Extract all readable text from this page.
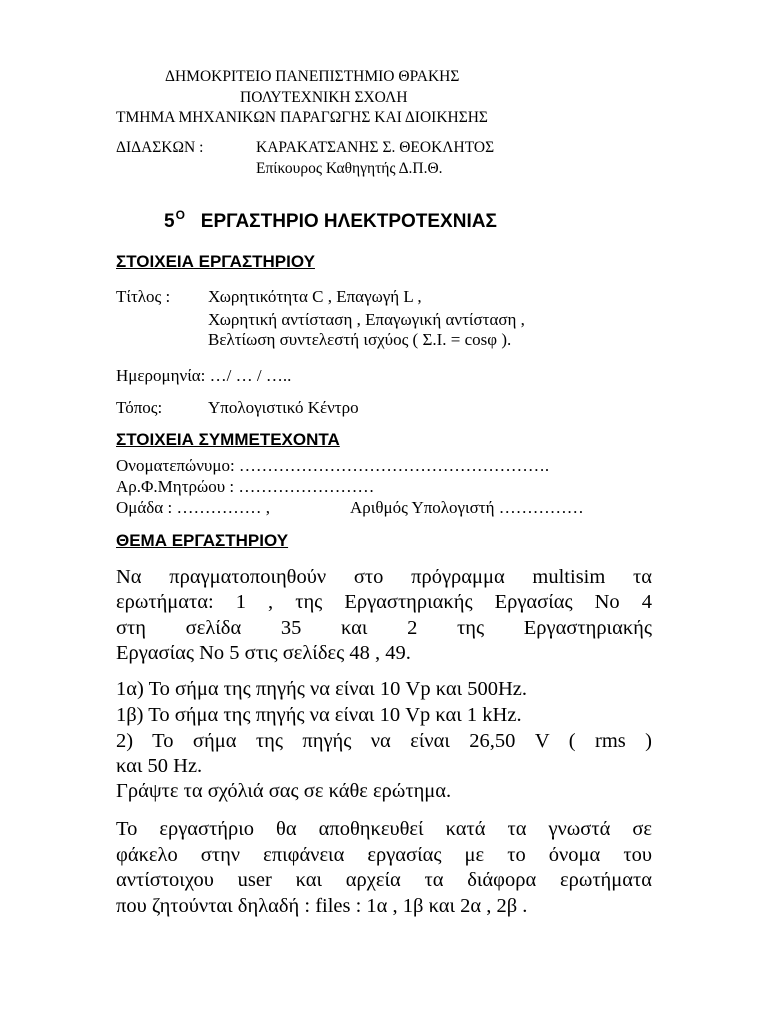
ΔΗΜΟΚΡΙΤΕΙΟ ΠΑΝΕΠΙΣΤΗΜΙΟ ΘΡΑΚΗΣ
ΠΟΛΥΤΕΧΝΙΚΗ ΣΧΟΛΗ
ΤΜΗΜΑ ΜΗΧΑΝΙΚΩΝ ΠΑΡΑΓΩΓΗΣ ΚΑΙ ΔΙΟΙΚΗΣΗΣ
ΔΙΔΑΣΚΩΝ :	ΚΑΡΑΚΑΤΣΑΝΗΣ Σ. ΘΕΟΚΛΗΤΟΣ
Επίκουρος Καθηγητής Δ.Π.Θ.
$5^O$ ΕΡΓΑΣΤΗΡΙΟ ΗΛΕΚΤΡΟΤΕΧΝΙΑΣ
ΣΤΟΙΧΕΙΑ ΕΡΓΑΣΤΗΡΙΟΥ
Τίτλος : Χωρητικότητα C , Επαγωγή L ,
Χωρητική αντίσταση , Επαγωγική αντίσταση ,
Βελτίωση συντελεστή ισχύος ( Σ.Ι. = cosφ ).
Ημερομηνία: …/ … / …..
Τόπος:	Υπολογιστικό Κέντρο
ΣΤΟΙΧΕΙΑ ΣΥΜΜΕΤΕΧΟΝΤΑ
Ονοματεπώνυμο: ……………………………………………….
Αρ.Φ.Μητρώου : ……………………
Ομάδα : …………… ,	Αριθμός Υπολογιστή ……………
ΘΕΜΑ ΕΡΓΑΣΤΗΡΙΟΥ
Να πραγματοποιηθούν στο πρόγραμμα multisim τα
ερωτήματα: 1 , της Εργαστηριακής Εργασίας Νο 4
στη σελίδα 35 και 2 της Εργαστηριακής
Εργασίας Νο 5 στις σελίδες 48 , 49.
1α) Το σήμα της πηγής να είναι 10 Vp και 500Hz.
1β) Το σήμα της πηγής να είναι 10 Vp και 1 kHz.
2) Το σήμα της πηγής να είναι 26,50 V ( rms )
και 50 Hz.
Γράψτε τα σχόλιά σας σε κάθε ερώτημα.
Το εργαστήριο θα αποθηκευθεί κατά τα γνωστά σε
φάκελο στην επιφάνεια εργασίας με το όνομα του
αντίστοιχου user και αρχεία τα διάφορα ερωτήματα
που ζητούνται δηλαδή : files : 1α , 1β και 2α , 2β .
